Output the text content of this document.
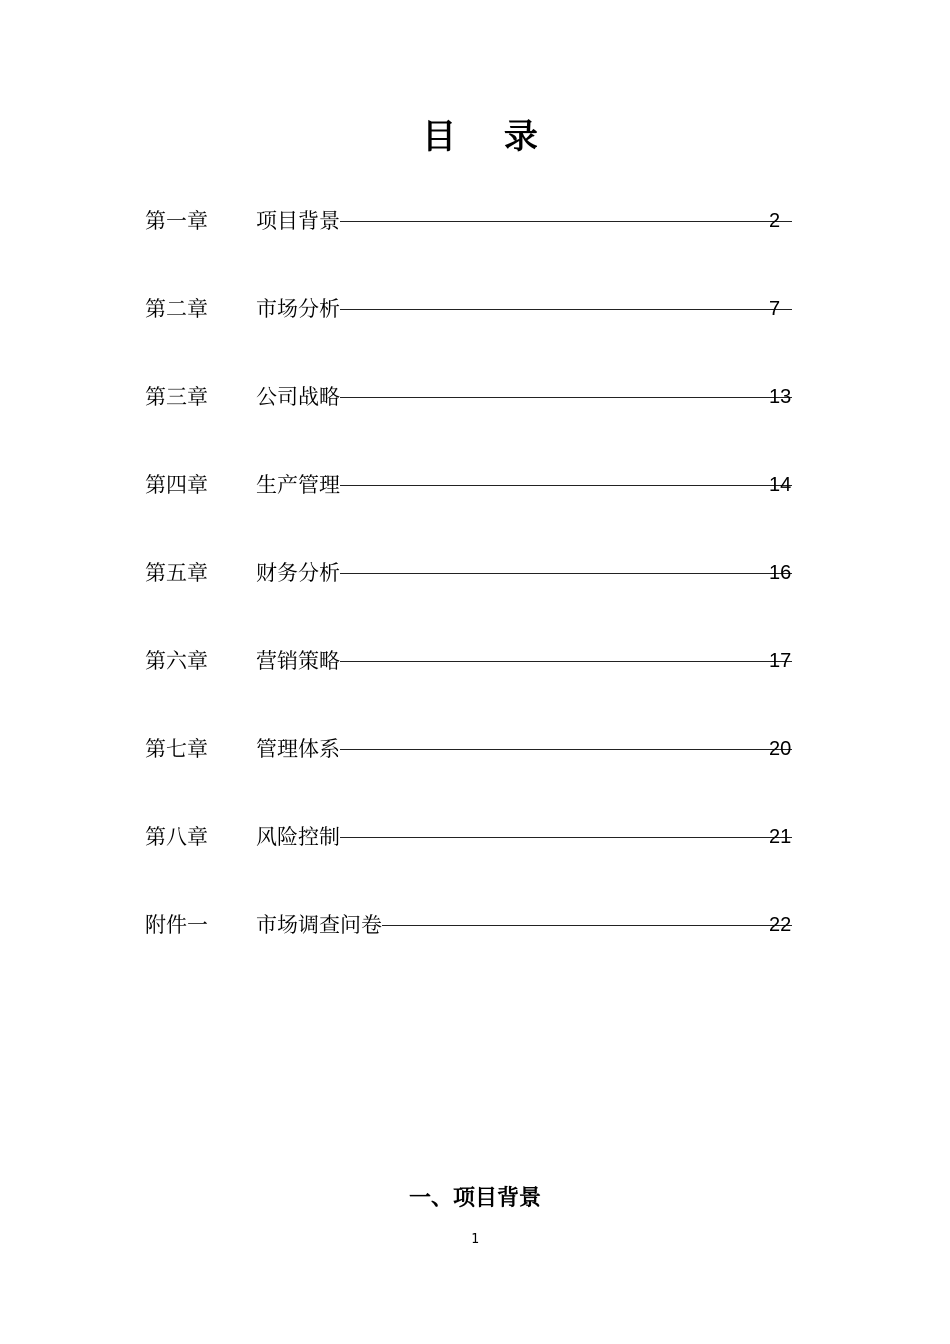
目 录
第一章 项目背景	2
第二章 市场分析	7
第三章 公司战略	13
第四章 生产管理	14
第五章 财务分析	16
第六章 营销策略	17
第七章 管理体系	20
第八章 风险控制	21
附件一 市场调查问卷	22
一、项目背景
1
